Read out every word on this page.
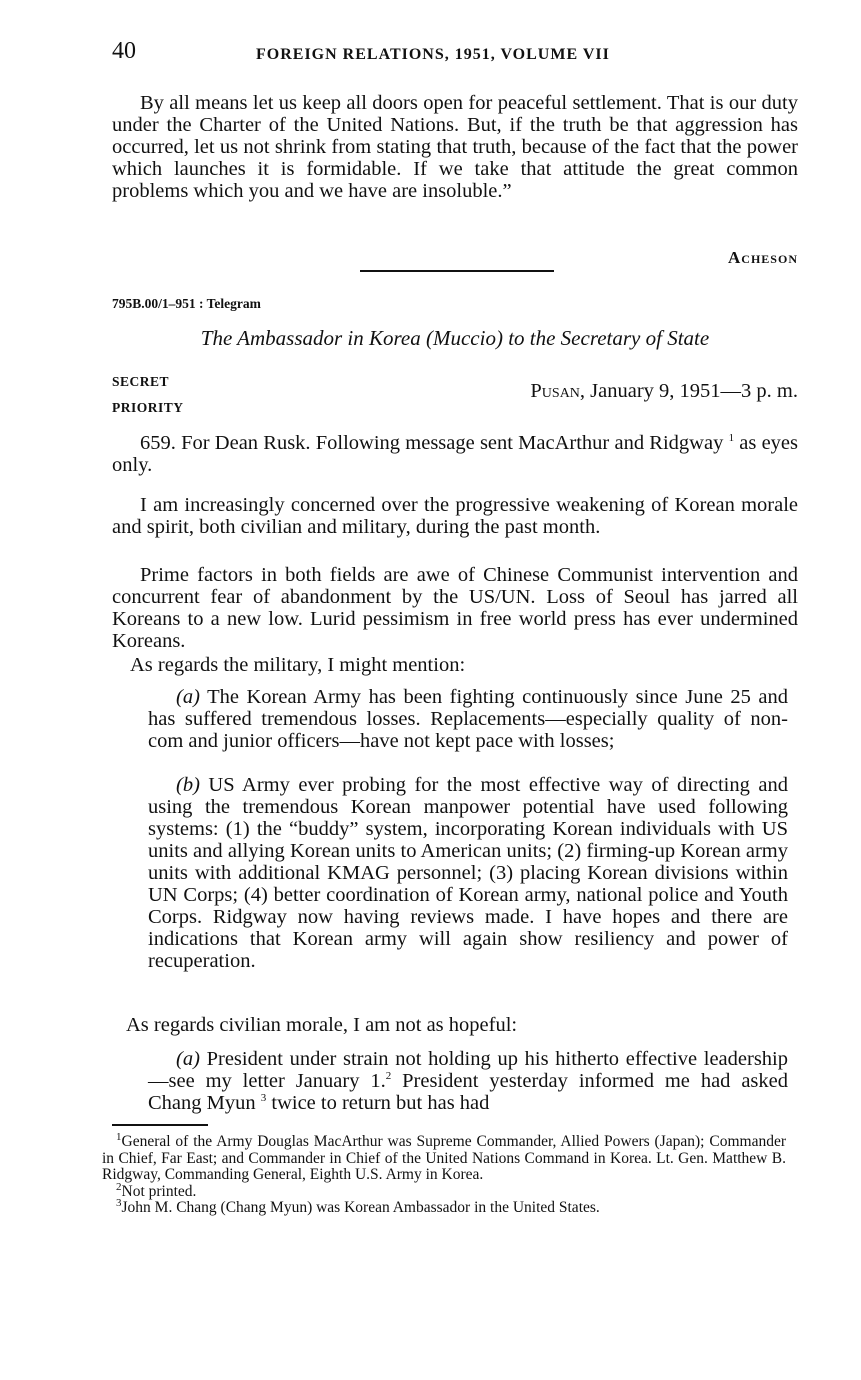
40	FOREIGN RELATIONS, 1951, VOLUME VII

By all means let us keep all doors open for peaceful settlement. That is our duty under the Charter of the United Nations. But, if the truth be that aggression has occurred, let us not shrink from stating that truth, because of the fact that the power which launches it is formidable. If we take that attitude the great common problems which you and we have are insoluble.”

Acheson
795B.00/1–951 : Telegram
The Ambassador in Korea (Muccio) to the Secretary of State
SECRET
PRIORITY
Pusan, January 9, 1951—3 p. m.

659. For Dean Rusk. Following message sent MacArthur and Ridgway $^1$ as eyes only.

I am increasingly concerned over the progressive weakening of Korean morale and spirit, both civilian and military, during the past month.

Prime factors in both fields are awe of Chinese Communist intervention and concurrent fear of abandonment by the US/UN. Loss of Seoul has jarred all Koreans to a new low. Lurid pessimism in free world press has ever undermined Koreans.

As regards the military, I might mention:

(a) The Korean Army has been fighting continuously since June 25 and has suffered tremendous losses. Replacements—especially quality of non-com and junior officers—have not kept pace with losses;

(b) US Army ever probing for the most effective way of directing and using the tremendous Korean manpower potential have used following systems: (1) the “buddy” system, incorporating Korean individuals with US units and allying Korean units to American units; (2) firming-up Korean army units with additional KMAG personnel; (3) placing Korean divisions within UN Corps; (4) better coordination of Korean army, national police and Youth Corps. Ridgway now having reviews made. I have hopes and there are indications that Korean army will again show resiliency and power of recuperation.

As regards civilian morale, I am not as hopeful:

(a) President under strain not holding up his hitherto effective leadership—see my letter January 1.$^2$ President yesterday informed me had asked Chang Myun $^3$ twice to return but has had

$^1$General of the Army Douglas MacArthur was Supreme Commander, Allied Powers (Japan); Commander in Chief, Far East; and Commander in Chief of the United Nations Command in Korea. Lt. Gen. Matthew B. Ridgway, Commanding General, Eighth U.S. Army in Korea.

$^2$Not printed.

$^3$John M. Chang (Chang Myun) was Korean Ambassador in the United States.
